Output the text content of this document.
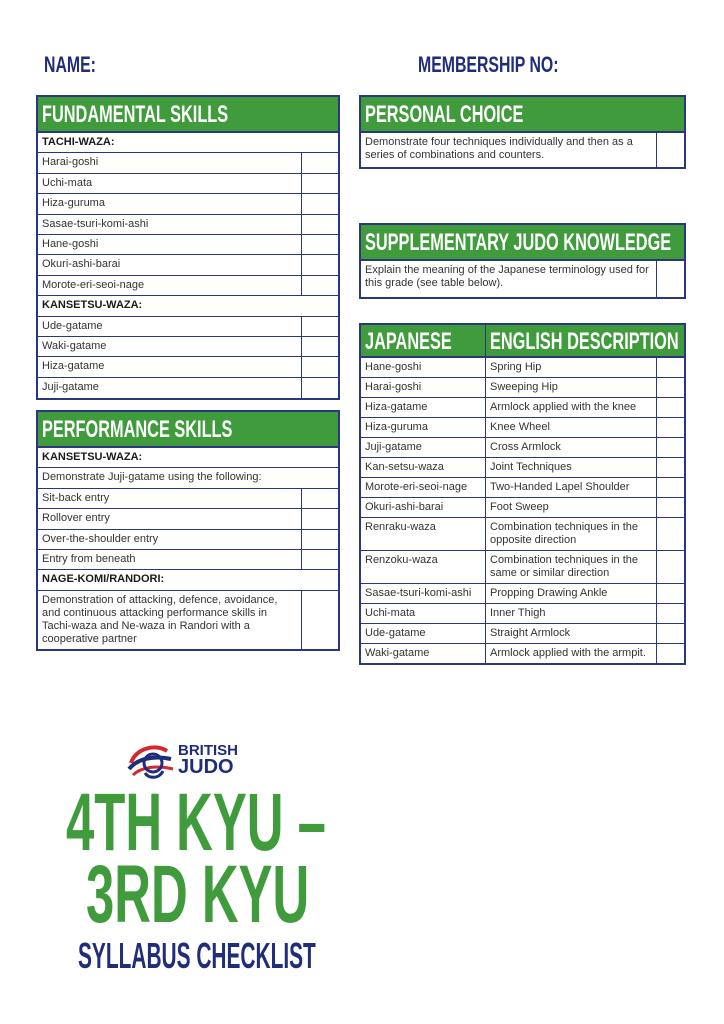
NAME:	MEMBERSHIP NO:
FUNDAMENTAL SKILLS
TACHI-WAZA:
Harai-goshi
Uchi-mata
Hiza-guruma
Sasae-tsuri-komi-ashi
Hane-goshi
Okuri-ashi-barai
Morote-eri-seoi-nage
KANSETSU-WAZA:
Ude-gatame
Waki-gatame
Hiza-gatame
Juji-gatame
PERFORMANCE SKILLS
KANSETSU-WAZA:
Demonstrate Juji-gatame using the following:
Sit-back entry
Rollover entry
Over-the-shoulder entry
Entry from beneath
NAGE-KOMI/RANDORI:
Demonstration of attacking, defence, avoidance, and continuous attacking performance skills in Tachi-waza and Ne-waza in Randori with a cooperative partner
PERSONAL CHOICE
Demonstrate four techniques individually and then as a series of combinations and counters.
SUPPLEMENTARY JUDO KNOWLEDGE
Explain the meaning of the Japanese terminology used for this grade (see table below).
JAPANESE	ENGLISH DESCRIPTION
Hane-goshi	Spring Hip
Harai-goshi	Sweeping Hip
Hiza-gatame	Armlock applied with the knee
Hiza-guruma	Knee Wheel
Juji-gatame	Cross Armlock
Kan-setsu-waza	Joint Techniques
Morote-eri-seoi-nage	Two-Handed Lapel Shoulder
Okuri-ashi-barai	Foot Sweep
Renraku-waza	Combination techniques in the opposite direction
Renzoku-waza	Combination techniques in the same or similar direction
Sasae-tsuri-komi-ashi	Propping Drawing Ankle
Uchi-mata	Inner Thigh
Ude-gatame	Straight Armlock
Waki-gatame	Armlock applied with the armpit.
BRITISH
JUDO
4TH KYU –
3RD KYU
SYLLABUS CHECKLIST
